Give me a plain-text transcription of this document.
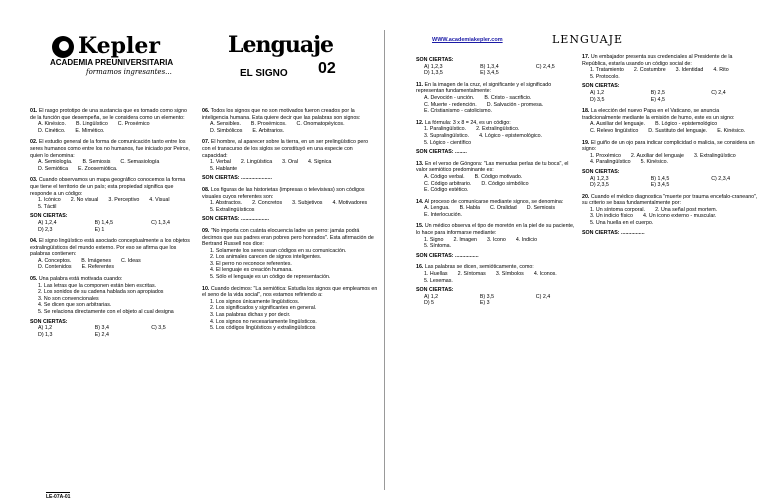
Kepler
ACADEMIA PREUNIVERSITARIA
formamos ingresantes...
Lenguaje
EL SIGNO 02
01. El rasgo prototipo de una sustancia que es tomado como signo de la función que desempeña, se le considera como un elemento:
A. Kinésico. B. Lingüístico C. Proxémico
D. Cinético. E. Mimético.
02. El estudio general de la forma de comunicación tanto entre los seres humanos como entre los no humanos, fue iniciado por Peirce, quien lo denomina:
A. Semiología. B. Semiosis C. Semasiología
D. Semiótica E. Zoosemiótica.
03. Cuando observamos un mapa geográfico conocemos la forma que tiene el territorio de un país; esta propiedad significa que responde a un código:
1. Icónico 2. No visual 3. Perceptivo 4. Visual
5. Táctil
SON CIERTAS:
A) 1,2,4	B) 1,4,5	C) 1,3,4
D) 2,3	E) 1
04. El signo lingüístico está asociado conceptualmente a los objetos extralingüísticos del mundo externo. Por eso se afirma que los palabras contienen:
A. Conceptos. B. Imágenes C. Ideas
D. Contenidos E. Referentes
05. Una palabra está motivada cuando:
1. Las letras que la componen están bien escritas.
2. Los sonidos de su cadena hablada son apropiados
3. No son convencionales
4. Se dicen que son arbitrarias.
5. Se relaciona directamente con el objeto al cual designa
SON CIERTAS:
A) 1,2	B) 3,4	C) 3,5
D) 1,3	E) 2,4
06. Todos los signos que no son motivados fueron creados por la inteligencia humana. Esta quiere decir que las palabras son signos:
A. Sensibles. B. Proxémicos. C. Onomatopéyicos.
D. Simbólicos E. Arbitrarios.
07. El hombre, al aparecer sobre la tierra, en un ser prelingüístico pero con el transcurso de los siglos se constituyó en una especie con capacidad:
1. Verbal 2. Lingüística 3. Oral 4. Signica
5. Hablante
SON CIERTAS: .....................
08. Los figuras de las historietas (impresas o televisivas) son códigos visuales cuyos referentes son:
1. Abstractos. 2. Concretos 3. Subjetivos 4. Motivadores
5. Extralingüísticos
SON CIERTAS: ...................
09. "No importa con cuánta elocuencia ladre un perro: jamás podrá decirnos que sus padres eran pobres pero honrados". Esta afirmación de Bertrand Russell nos dice:
1. Solamente los seres usan códigos en su comunicación.
2. Los animales carecen de signos inteligentes.
3. El perro no reconoce referentes.
4. El lenguaje es creación humana.
5. Sólo el lenguaje es un código de representación.
10. Cuando decimos: "La semiótica: Estudia los signos que empleamos en el seno de la vida social", nos estamos refiriendo a:
1. Los signos únicamente lingüísticos.
2. Los significados y significantes en general.
3. Las palabras dichas y por decir.
4. Los signos no necesariamente lingüísticos.
5. Los códigos lingüísticos y extralingüísticos
LE-07A-01
WWW.academiakepler.com	LENGUAJE
SON CIERTAS:
A) 1,2,3	B) 1,3,4	C) 2,4,5
D) 1,3,5	E) 3,4,5
11. En la imagen de la cruz, el significante y el significado representan fundamentalmente:
A. Devoción - unción. B. Cristo - sacrificio.
C. Muerte - redención. D. Salvación - promesa.
E. Cristianismo - catolicismo.
12. La fórmula: 3 x 8 = 24, es un código:
1. Paralingüístico. 2. Extralingüístico.
3. Supralingüístico. 4. Lógico - epistemológico.
5. Lógico - científico
SON CIERTAS: ........
13. En el verso de Góngora: "Las menudas perlas de tu boca", el valor semiótico predominante es:
A. Código verbal. B. Código motivado.
C. Código arbitrario. D. Código simbólico
E. Código estético.
14. Al proceso de comunicarse mediante signos, se denomina:
A. Lengua. B. Habla C. Oralidad D. Semiosis
E. Interlocución.
15. Un médico observa el tipo de moretón en la piel de su paciente, lo hace para informarse mediante:
1. Signo 2. Imagen 3. Icono 4. Indicio
5. Síntoma.
SON CIERTAS: ................
16. Las palabras se dicen, semióticamente, como:
1. Huellas 2. Síntomas 3. Símbolos 4. Iconos.
5. Lexemas.
SON CIERTAS:
A) 1,2	B) 3,5	C) 2,4
D) 5	E) 3
17. Un embajador presenta sus credenciales al Presidente de la República, estaría usando un código social de:
1. Tratamiento 2. Costumbre 3. Identidad 4. Rito
5. Protocolo.
SON CIERTAS:
A) 1,2	B) 2,5	C) 2,4
D) 3,5	E) 4,5
18. La elección del nuevo Papa en el Vaticano, se anuncia tradicionalmente mediante la emisión de humo, este es un signo:
A. Auxiliar del lenguaje. B. Lógico - epistemológico
C. Relevo lingüístico D. Sustituto del lenguaje. E. Kinésico.
19. El guiño de un ojo para indicar complicidad o malicia, se considera un signo:
1. Proxémico 2. Auxiliar del lenguaje 3. Extralingüístico
4. Paralingüístico 5. Kinésico.
SON CIERTAS:
A) 1,2,3	B) 1,4,5	C) 2,3,4
D) 2,3,5	E) 3,4,5
20. Cuando el médico diagnostica "muerte por trauma encefalo-craneano", su criterio se basa fundamentalmente por:
1. Un síntoma corporal. 2. Una señal post mortem.
3. Un indicio físico 4. Un icono externo - muscular.
5. Una huella en el cuerpo.
SON CIERTAS: ................
